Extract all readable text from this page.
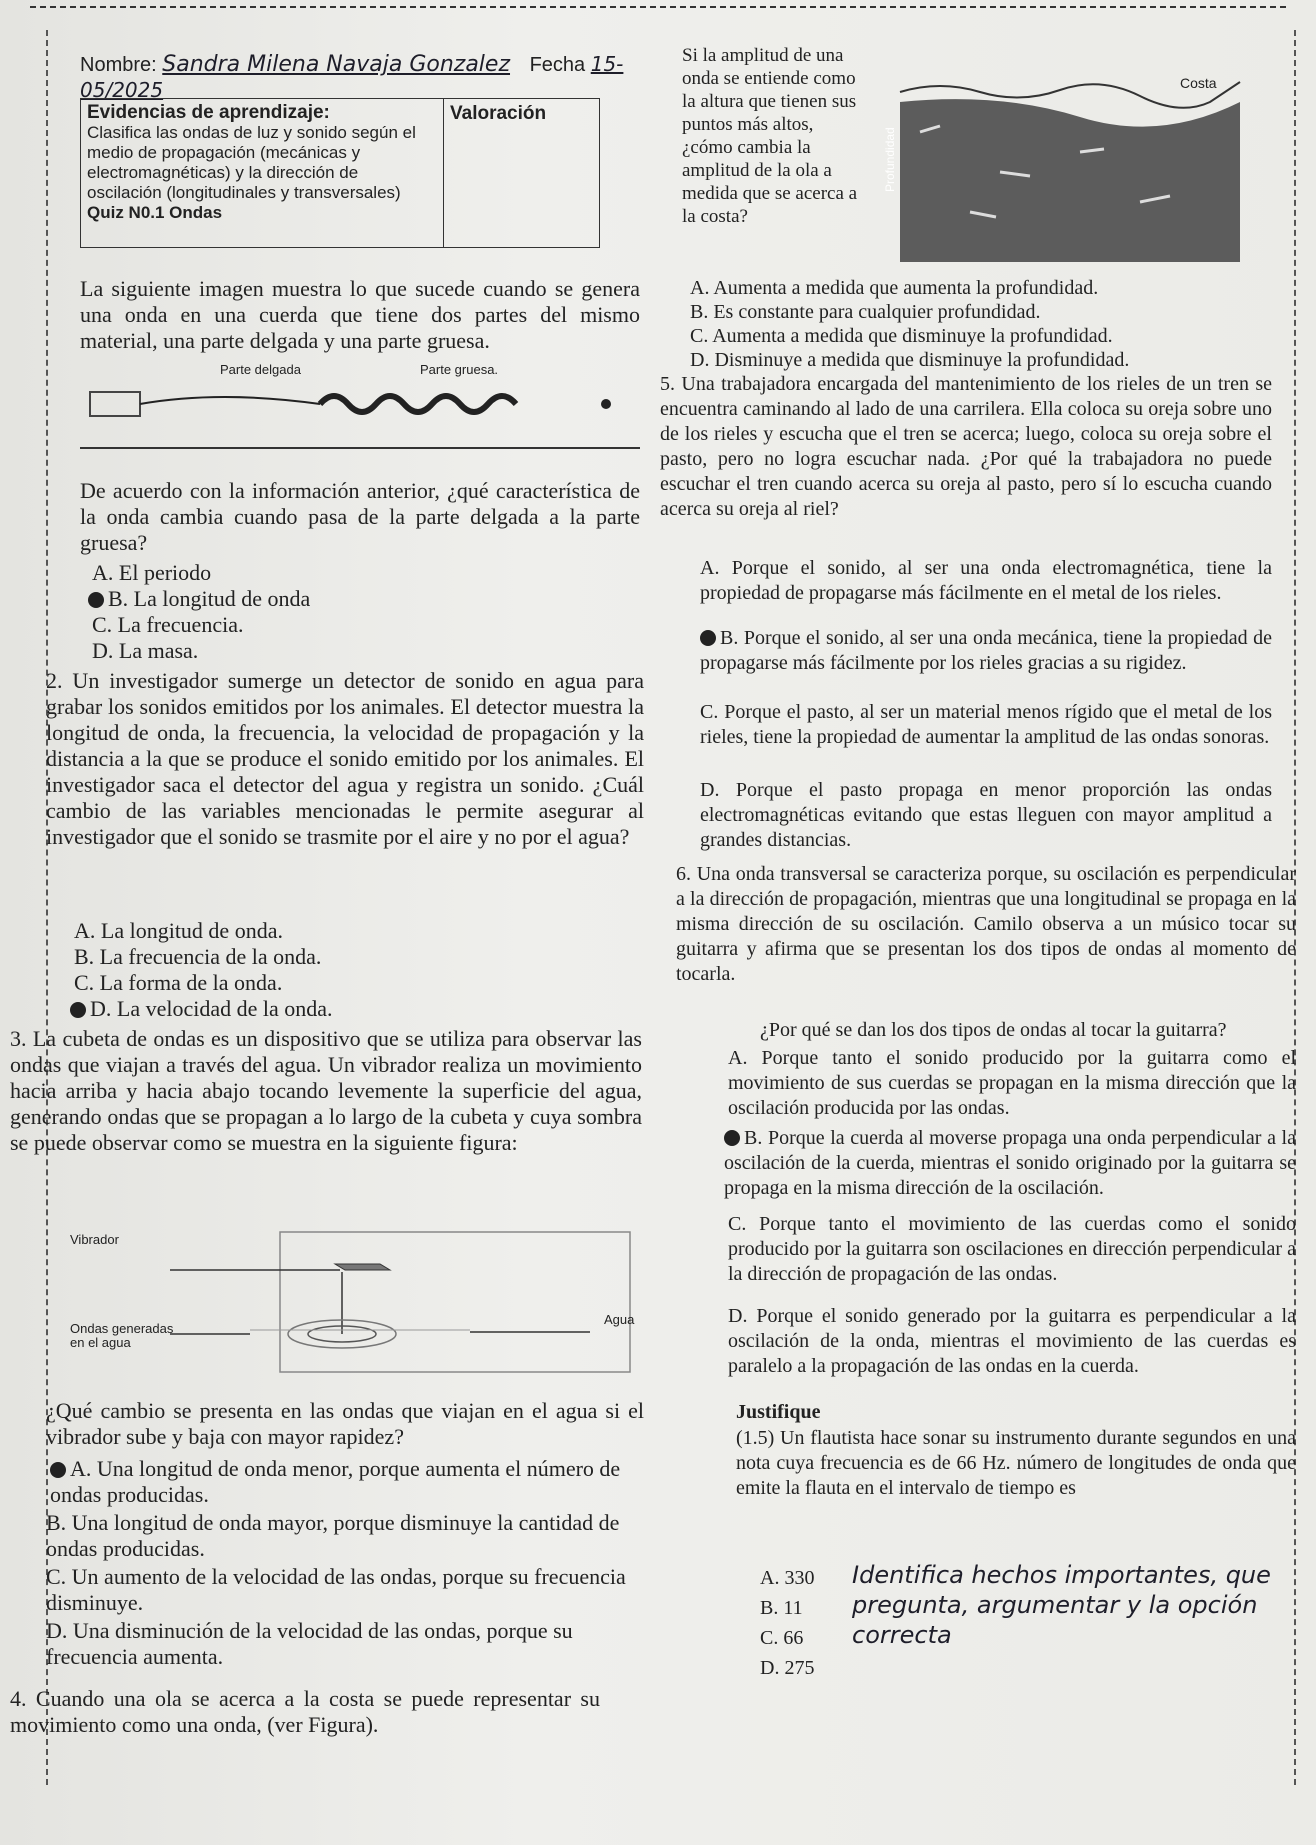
Nombre: Sandra Milena Navaja Gonzalez Fecha 15-05/2025
Evidencias de aprendizaje:
Clasifica las ondas de luz y sonido según el medio de propagación (mecánicas y electromagnéticas) y la dirección de oscilación (longitudinales y transversales)
Quiz N0.1 Ondas

Valoración
Si la amplitud de una onda se entiende como la altura que tienen sus puntos más altos, ¿cómo cambia la amplitud de la ola a medida que se acerca a la costa?
Costa
Profundidad
La siguiente imagen muestra lo que sucede cuando se genera una onda en una cuerda que tiene dos partes del mismo material, una parte delgada y una parte gruesa.
Parte delgada	Parte gruesa.
De acuerdo con la información anterior, ¿qué característica de la onda cambia cuando pasa de la parte delgada a la parte gruesa?
A. El periodo
B. La longitud de onda
C. La frecuencia.
D. La masa.
2. Un investigador sumerge un detector de sonido en agua para grabar los sonidos emitidos por los animales. El detector muestra la longitud de onda, la frecuencia, la velocidad de propagación y la distancia a la que se produce el sonido emitido por los animales. El investigador saca el detector del agua y registra un sonido. ¿Cuál cambio de las variables mencionadas le permite asegurar al investigador que el sonido se trasmite por el aire y no por el agua?
A. La longitud de onda.
B. La frecuencia de la onda.
C. La forma de la onda.
D. La velocidad de la onda.
3. La cubeta de ondas es un dispositivo que se utiliza para observar las ondas que viajan a través del agua. Un vibrador realiza un movimiento hacia arriba y hacia abajo tocando levemente la superficie del agua, generando ondas que se propagan a lo largo de la cubeta y cuya sombra se puede observar como se muestra en la siguiente figura:
Vibrador
Ondas generadas en el agua
Agua
¿Qué cambio se presenta en las ondas que viajan en el agua si el vibrador sube y baja con mayor rapidez?
A. Una longitud de onda menor, porque aumenta el número de ondas producidas.
B. Una longitud de onda mayor, porque disminuye la cantidad de ondas producidas.
C. Un aumento de la velocidad de las ondas, porque su frecuencia disminuye.
D. Una disminución de la velocidad de las ondas, porque su frecuencia aumenta.
4. Cuando una ola se acerca a la costa se puede representar su movimiento como una onda, (ver Figura).
A. Aumenta a medida que aumenta la profundidad.
B. Es constante para cualquier profundidad.
C. Aumenta a medida que disminuye la profundidad.
D. Disminuye a medida que disminuye la profundidad.
5. Una trabajadora encargada del mantenimiento de los rieles de un tren se encuentra caminando al lado de una carrilera. Ella coloca su oreja sobre uno de los rieles y escucha que el tren se acerca; luego, coloca su oreja sobre el pasto, pero no logra escuchar nada. ¿Por qué la trabajadora no puede escuchar el tren cuando acerca su oreja al pasto, pero sí lo escucha cuando acerca su oreja al riel?
A. Porque el sonido, al ser una onda electromagnética, tiene la propiedad de propagarse más fácilmente en el metal de los rieles.
B. Porque el sonido, al ser una onda mecánica, tiene la propiedad de propagarse más fácilmente por los rieles gracias a su rigidez.
C. Porque el pasto, al ser un material menos rígido que el metal de los rieles, tiene la propiedad de aumentar la amplitud de las ondas sonoras.
D. Porque el pasto propaga en menor proporción las ondas electromagnéticas evitando que estas lleguen con mayor amplitud a grandes distancias.
6. Una onda transversal se caracteriza porque, su oscilación es perpendicular a la dirección de propagación, mientras que una longitudinal se propaga en la misma dirección de su oscilación. Camilo observa a un músico tocar su guitarra y afirma que se presentan los dos tipos de ondas al momento de tocarla.
¿Por qué se dan los dos tipos de ondas al tocar la guitarra?
A. Porque tanto el sonido producido por la guitarra como el movimiento de sus cuerdas se propagan en la misma dirección que la oscilación producida por las ondas.
B. Porque la cuerda al moverse propaga una onda perpendicular a la oscilación de la cuerda, mientras el sonido originado por la guitarra se propaga en la misma dirección de la oscilación.
C. Porque tanto el movimiento de las cuerdas como el sonido producido por la guitarra son oscilaciones en dirección perpendicular a la dirección de propagación de las ondas.
D. Porque el sonido generado por la guitarra es perpendicular a la oscilación de la onda, mientras el movimiento de las cuerdas es paralelo a la propagación de las ondas en la cuerda.
Justifique
(1.5) Un flautista hace sonar su instrumento durante segundos en una nota cuya frecuencia es de 66 Hz. número de longitudes de onda que emite la flauta en el intervalo de tiempo es
A. 330
B. 11
C. 66
D. 275
Identifica hechos importantes, que pregunta, argumentar y la opción correcta
